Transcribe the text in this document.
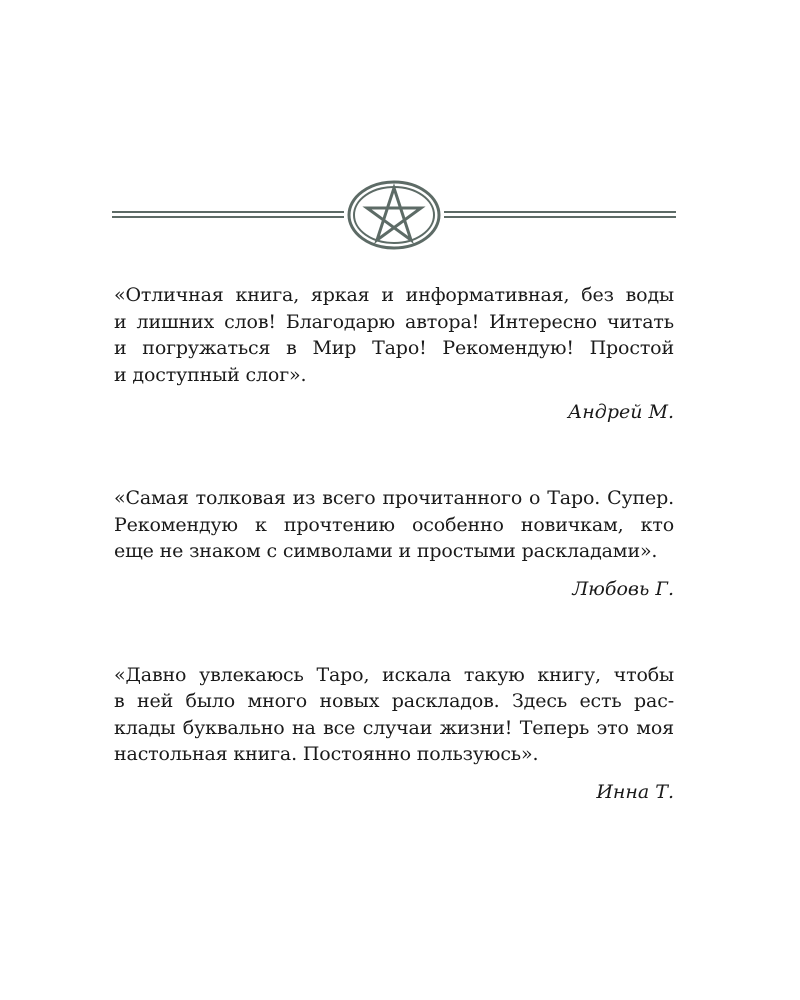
«Отличная книга, яркая и информативная, без воды
и лишних слов! Благодарю автора! Интересно читать
и погружаться в Мир Таро! Рекомендую! Простой
и доступный слог».

Андрей М.

«Самая толковая из всего прочитанного о Таро. Супер.
Рекомендую к прочтению особенно новичкам, кто
еще не знаком с символами и простыми раскладами».

Любовь Г.

«Давно увлекаюсь Таро, искала такую книгу, чтобы
в ней было много новых раскладов. Здесь есть рас-
клады буквально на все случаи жизни! Теперь это моя
настольная книга. Постоянно пользуюсь».

Инна Т.
